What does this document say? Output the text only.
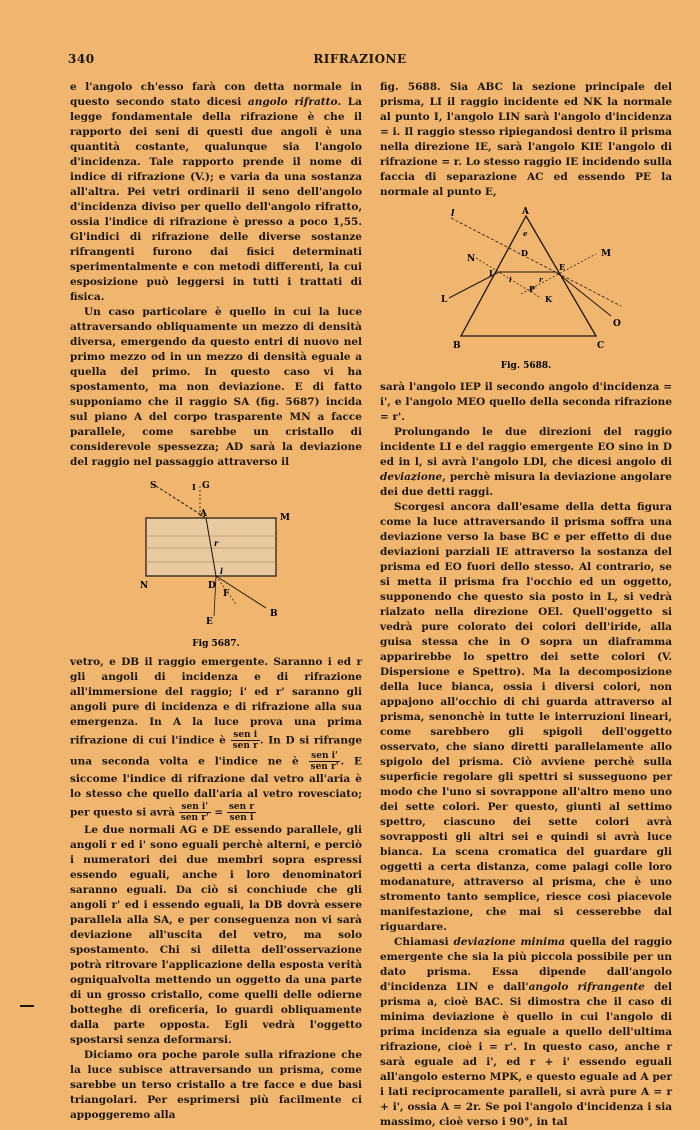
340	RIFRAZIONE

e l'angolo ch'esso farà con detta normale in questo secondo stato dicesi angolo rifratto. La legge fondamentale della rifrazione è che il rapporto dei seni di questi due angoli è una quantità costante, qualunque sia l'angolo d'incidenza. Tale rapporto prende il nome di indice di rifrazione (V.); e varia da una sostanza all'altra. Pei vetri ordinarii il seno dell'angolo d'incidenza diviso per quello dell'angolo rifratto, ossia l'indice di rifrazione è presso a poco 1,55. Gl'indici di rifrazione delle diverse sostanze rifrangenti furono dai fisici determinati sperimentalmente e con metodi differenti, la cui esposizione può leggersi in tutti i trattati di fisica.

Un caso particolare è quello in cui la luce attraversando obliquamente un mezzo di densità diversa, emergendo da questo entri di nuovo nel primo mezzo od in un mezzo di densità eguale a quella del primo. In questo caso vi ha spostamento, ma non deviazione. E di fatto supponiamo che il raggio SA (fig. 5687) incida sul piano A del corpo trasparente MN a facce parallele, come sarebbe un cristallo di considerevole spessezza; AD sarà la deviazione del raggio nel passaggio attraverso il

S	I G
A	M
N	D
F
E
B
r
i
Fig 5687.

vetro, e DB il raggio emergente. Saranno i ed r gli angoli di incidenza e di rifrazione all'immersione del raggio; i' ed r' saranno gli angoli pure di incidenza e di rifrazione alla sua emergenza. In A la luce prova una prima rifrazione di cui l'indice è $\frac{\text{sen i}}{\text{sen r}}$ . In D si rifrange una seconda volta e l'indice ne è $\frac{\text{sen i'}}{\text{sen r'}}$ . E siccome l'indice di rifrazione dal vetro all'aria è lo stesso che quello dall'aria al vetro rovesciato; per questo si avrà $\frac{\text{sen i'}}{\text{sen r'}} = \frac{\text{sen r}}{\text{sen i}}$

Le due normali AG e DE essendo parallele, gli angoli r ed i' sono eguali perchè alterni, e perciò i numeratori dei due membri sopra espressi essendo eguali, anche i loro denominatori saranno eguali. Da ciò si conchiude che gli angoli r' ed i essendo eguali, la DB dovrà essere parallela alla SA, e per conseguenza non vi sarà deviazione all'uscita del vetro, ma solo spostamento. Chi si diletta dell'osservazione potrà ritrovare l'applicazione della esposta verità ogniqualvolta mettendo un oggetto da una parte di un grosso cristallo, come quelli delle odierne botteghe di oreficeria, lo guardi obliquamente dalla parte opposta. Egli vedrà l'oggetto spostarsi senza deformarsi.

Diciamo ora poche parole sulla rifrazione che la luce subisce attraversando un prisma, come sarebbe un terso cristallo a tre facce e due basi triangolari. Per esprimersi più facilmente ci appoggeremo alla

fig. 5688. Sia ABC la sezione principale del prisma, LI il raggio incidente ed NK la normale al punto I, l'angolo LIN sarà l'angolo d'incidenza = i. Il raggio stesso ripiegandosi dentro il prisma nella direzione IE, sarà l'angolo KIE l'angolo di rifrazione = r. Lo stesso raggio IE incidendo sulla faccia di separazione AC ed essendo PE la normale al punto E,

l	A
e
N
I
D
E
M
L
P
K
O
B	C
r
i
Fig. 5688.

sarà l'angolo IEP il secondo angolo d'incidenza = i', e l'angolo MEO quello della seconda rifrazione = r'.

Prolungando le due direzioni del raggio incidente LI e del raggio emergente EO sino in D ed in l, si avrà l'angolo LDl, che dicesi angolo di deviazione, perchè misura la deviazione angolare dei due detti raggi.

Scorgesi ancora dall'esame della detta figura come la luce attraversando il prisma soffra una deviazione verso la base BC e per effetto di due deviazioni parziali IE attraverso la sostanza del prisma ed EO fuori dello stesso. Al contrario, se si metta il prisma fra l'occhio ed un oggetto, supponendo che questo sia posto in L, si vedrà rialzato nella direzione OEl. Quell'oggetto si vedrà pure colorato dei colori dell'iride, alla guisa stessa che in O sopra un diaframma apparirebbe lo spettro dei sette colori (V. Dispersione e Spettro). Ma la decomposizione della luce bianca, ossia i diversi colori, non appajono all'occhio di chi guarda attraverso al prisma, senonchè in tutte le interruzioni lineari, come sarebbero gli spigoli dell'oggetto osservato, che siano diretti parallelamente allo spigolo del prisma. Ciò avviene perchè sulla superficie regolare gli spettri si susseguono per modo che l'uno si sovrappone all'altro meno uno dei sette colori. Per questo, giunti al settimo spettro, ciascuno dei sette colori avrà sovrapposti gli altri sei e quindi si avrà luce bianca. La scena cromatica del guardare gli oggetti a certa distanza, come palagi colle loro modanature, attraverso al prisma, che è uno stromento tanto semplice, riesce così piacevole manifestazione, che mai si cesserebbe dal riguardare.

Chiamasi deviazione minima quella del raggio emergente che sia la più piccola possibile per un dato prisma. Essa dipende dall'angolo d'incidenza LIN e dall'angolo rifrangente del prisma a, cioè BAC. Si dimostra che il caso di minima deviazione è quello in cui l'angolo di prima incidenza sia eguale a quello dell'ultima rifrazione, cioè i = r'. In questo caso, anche r sarà eguale ad i', ed r + i' essendo eguali all'angolo esterno MPK, e questo eguale ad A per i lati reciprocamente paralleli, si avrà pure A = r + i', ossia A = 2r. Se poi l'angolo d'incidenza i sia massimo, cioè verso i 90°, in tal
